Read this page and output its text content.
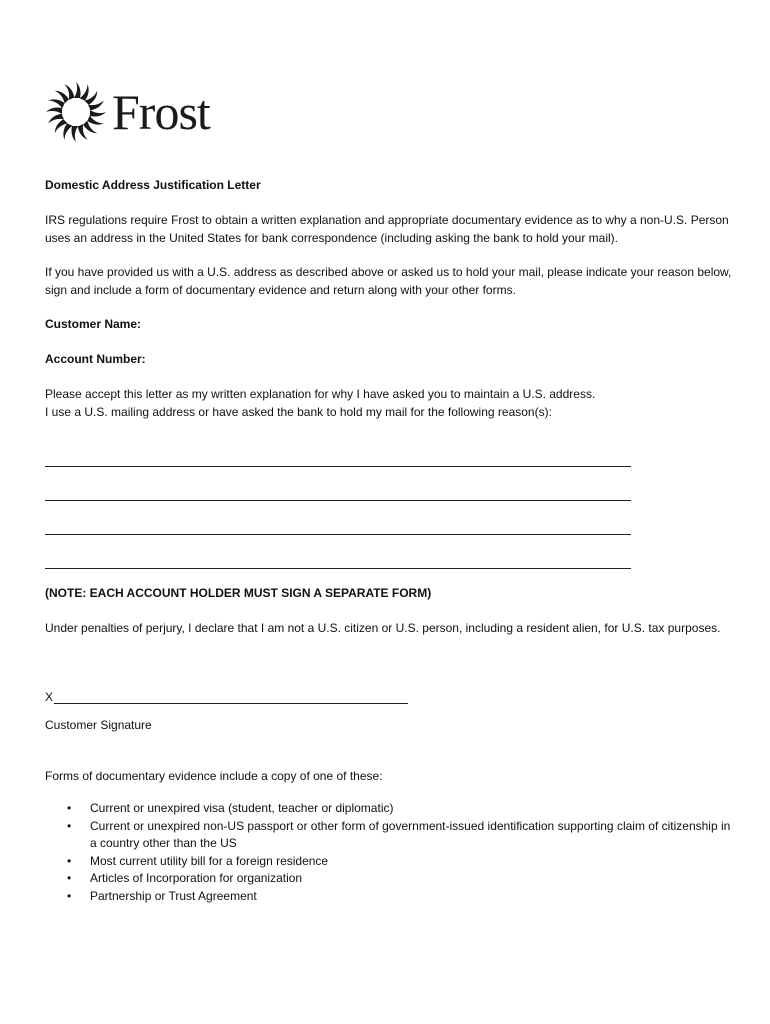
Frost
Domestic Address Justification Letter
IRS regulations require Frost to obtain a written explanation and appropriate documentary evidence as to why a non-U.S. Person uses an address in the United States for bank correspondence (including asking the bank to hold your mail).
If you have provided us with a U.S. address as described above or asked us to hold your mail, please indicate your reason below, sign and include a form of documentary evidence and return along with your other forms.
Customer Name:
Account Number:
Please accept this letter as my written explanation for why I have asked you to maintain a U.S. address.
I use a U.S. mailing address or have asked the bank to hold my mail for the following reason(s):
(NOTE: EACH ACCOUNT HOLDER MUST SIGN A SEPARATE FORM)
Under penalties of perjury, I declare that I am not a U.S. citizen or U.S. person, including a resident alien, for U.S. tax purposes.
X
Customer Signature
Forms of documentary evidence include a copy of one of these:
• Current or unexpired visa (student, teacher or diplomatic)
• Current or unexpired non-US passport or other form of government-issued identification supporting claim of citizenship in a country other than the US
• Most current utility bill for a foreign residence
• Articles of Incorporation for organization
• Partnership or Trust Agreement
